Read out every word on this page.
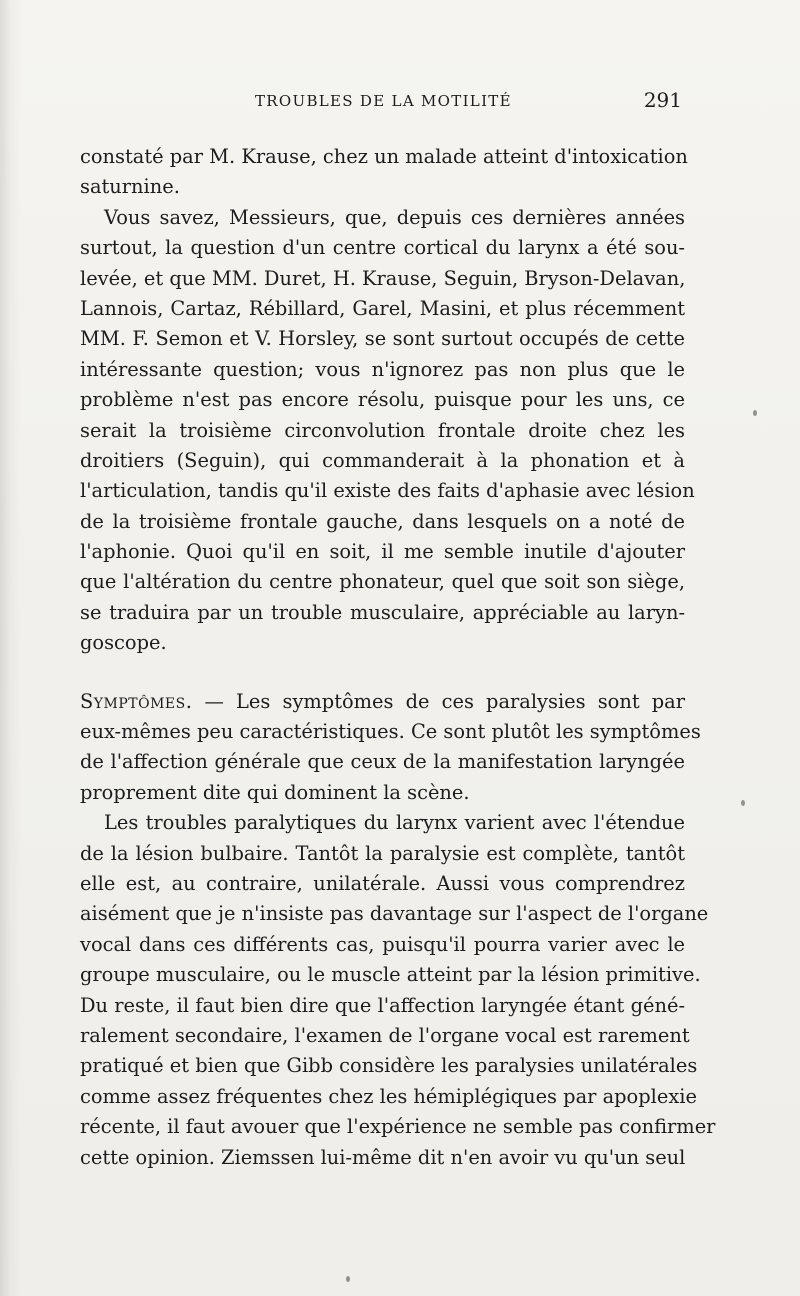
TROUBLES DE LA MOTILITÉ	291
constaté par M. Krause, chez un malade atteint d'intoxication
saturnine.
Vous savez, Messieurs, que, depuis ces dernières années
surtout, la question d'un centre cortical du larynx a été sou-
levée, et que MM. Duret, H. Krause, Seguin, Bryson-Delavan,
Lannois, Cartaz, Rébillard, Garel, Masini, et plus récemment
MM. F. Semon et V. Horsley, se sont surtout occupés de cette
intéressante question; vous n'ignorez pas non plus que le
problème n'est pas encore résolu, puisque pour les uns, ce
serait la troisième circonvolution frontale droite chez les
droitiers (Seguin), qui commanderait à la phonation et à
l'articulation, tandis qu'il existe des faits d'aphasie avec lésion
de la troisième frontale gauche, dans lesquels on a noté de
l'aphonie. Quoi qu'il en soit, il me semble inutile d'ajouter
que l'altération du centre phonateur, quel que soit son siège,
se traduira par un trouble musculaire, appréciable au laryn-
goscope.
Symptômes. — Les symptômes de ces paralysies sont par
eux-mêmes peu caractéristiques. Ce sont plutôt les symptômes
de l'affection générale que ceux de la manifestation laryngée
proprement dite qui dominent la scène.
Les troubles paralytiques du larynx varient avec l'étendue
de la lésion bulbaire. Tantôt la paralysie est complète, tantôt
elle est, au contraire, unilatérale. Aussi vous comprendrez
aisément que je n'insiste pas davantage sur l'aspect de l'organe
vocal dans ces différents cas, puisqu'il pourra varier avec le
groupe musculaire, ou le muscle atteint par la lésion primitive.
Du reste, il faut bien dire que l'affection laryngée étant géné-
ralement secondaire, l'examen de l'organe vocal est rarement
pratiqué et bien que Gibb considère les paralysies unilatérales
comme assez fréquentes chez les hémiplégiques par apoplexie
récente, il faut avouer que l'expérience ne semble pas confirmer
cette opinion. Ziemssen lui-même dit n'en avoir vu qu'un seul
